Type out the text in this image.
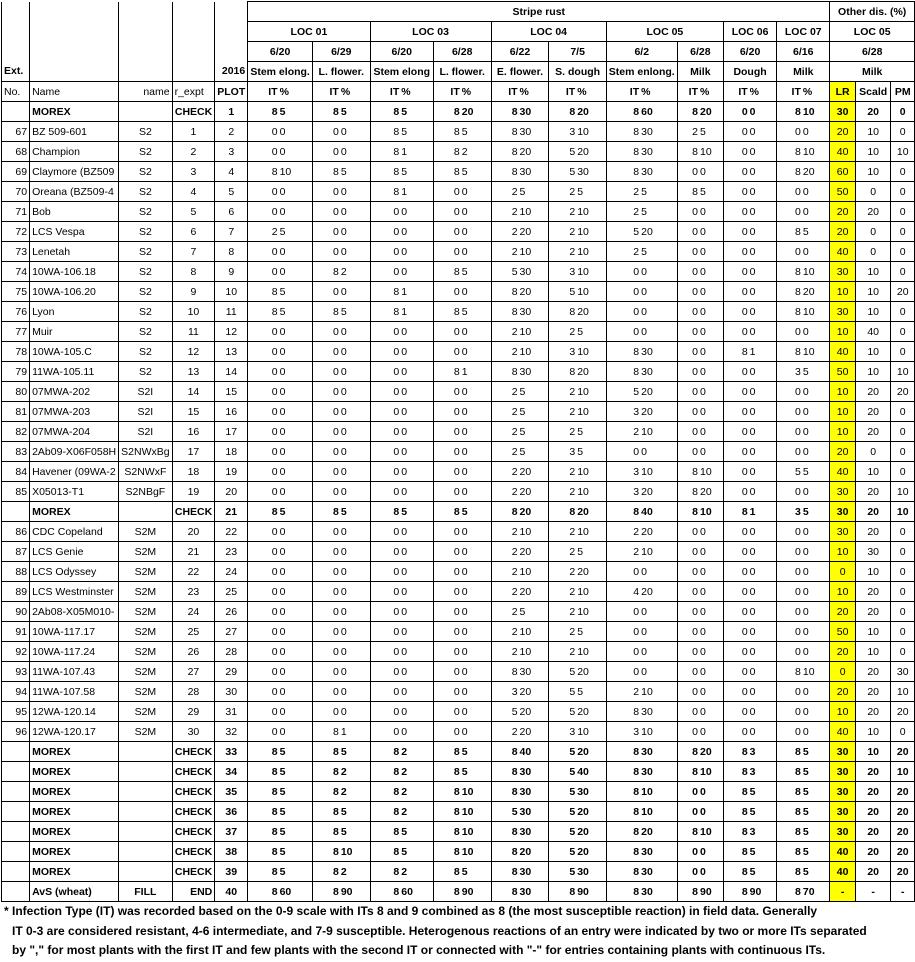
					Stripe rust																				Other dis. (%)		
					LOC 01				LOC 03				LOC 04				LOC 05				LOC 06		LOC 07		LOC 05		
					6/20		6/29		6/20		6/28		6/22		7/5		6/2		6/28		6/20		6/16		6/28		
Ext.				2016	Stem elong.		L. flower.		Stem elong		L. flower.		E. flower.		S. dough		Stem enlong.		Milk		Dough		Milk		Milk		
No.	Name	name	r_expt	PLOT	IT	%	IT	%	IT	%	IT	%	IT	%	IT	%	IT	%	IT	%	IT	%	IT	%	LR	Scald	PM
	MOREX		CHECK	1	8	5	8	5	8	5	8	20	8	30	8	20	8	60	8	20	0	0	8	10	30	20	0
67	BZ 509-601	S2	1	2	0	0	0	0	8	5	8	5	8	30	3	10	8	30	2	5	0	0	0	0	20	10	0
68	Champion	S2	2	3	0	0	0	0	8	1	8	2	8	20	5	20	8	30	8	10	0	0	8	10	40	10	10
69	Claymore (BZ509	S2	3	4	8	10	8	5	8	5	8	5	8	30	5	30	8	30	0	0	0	0	8	20	60	10	0
70	Oreana (BZ509-4	S2	4	5	0	0	0	0	8	1	0	0	2	5	2	5	2	5	8	5	0	0	0	0	50	0	0
71	Bob	S2	5	6	0	0	0	0	0	0	0	0	2	10	2	10	2	5	0	0	0	0	0	0	20	20	0
72	LCS Vespa	S2	6	7	2	5	0	0	0	0	0	0	2	20	2	10	5	20	0	0	0	0	8	5	20	0	0
73	Lenetah	S2	7	8	0	0	0	0	0	0	0	0	2	10	2	10	2	5	0	0	0	0	0	0	40	0	0
74	10WA-106.18	S2	8	9	0	0	8	2	0	0	8	5	5	30	3	10	0	0	0	0	0	0	8	10	30	10	0
75	10WA-106.20	S2	9	10	8	5	0	0	8	1	0	0	8	20	5	10	0	0	0	0	0	0	8	20	10	10	20
76	Lyon	S2	10	11	8	5	8	5	8	1	8	5	8	30	8	20	0	0	0	0	0	0	8	10	30	10	0
77	Muir	S2	11	12	0	0	0	0	0	0	0	0	2	10	2	5	0	0	0	0	0	0	0	0	10	40	0
78	10WA-105.C	S2	12	13	0	0	0	0	0	0	0	0	2	10	3	10	8	30	0	0	8	1	8	10	40	10	0
79	11WA-105.11	S2	13	14	0	0	0	0	0	0	8	1	8	30	8	20	8	30	0	0	0	0	3	5	50	10	10
80	07MWA-202	S2I	14	15	0	0	0	0	0	0	0	0	2	5	2	10	5	20	0	0	0	0	0	0	10	20	20
81	07MWA-203	S2I	15	16	0	0	0	0	0	0	0	0	2	5	2	10	3	20	0	0	0	0	0	0	10	20	0
82	07MWA-204	S2I	16	17	0	0	0	0	0	0	0	0	2	5	2	5	2	10	0	0	0	0	0	0	10	20	0
83	2Ab09-X06F058H	S2NWxBg	17	18	0	0	0	0	0	0	0	0	2	5	3	5	0	0	0	0	0	0	0	0	20	0	0
84	Havener (09WA-2	S2NWxF	18	19	0	0	0	0	0	0	0	0	2	20	2	10	3	10	8	10	0	0	5	5	40	10	0
85	X05013-T1	S2NBgF	19	20	0	0	0	0	0	0	0	0	2	20	2	10	3	20	8	20	0	0	0	0	30	20	10
	MOREX		CHECK	21	8	5	8	5	8	5	8	5	8	20	8	20	8	40	8	10	8	1	3	5	30	20	10
86	CDC Copeland	S2M	20	22	0	0	0	0	0	0	0	0	2	10	2	10	2	20	0	0	0	0	0	0	30	20	0
87	LCS Genie	S2M	21	23	0	0	0	0	0	0	0	0	2	20	2	5	2	10	0	0	0	0	0	0	10	30	0
88	LCS Odyssey	S2M	22	24	0	0	0	0	0	0	0	0	2	10	2	20	0	0	0	0	0	0	0	0	0	10	0
89	LCS Westminster	S2M	23	25	0	0	0	0	0	0	0	0	2	20	2	10	4	20	0	0	0	0	0	0	10	20	0
90	2Ab08-X05M010-	S2M	24	26	0	0	0	0	0	0	0	0	2	5	2	10	0	0	0	0	0	0	0	0	20	20	0
91	10WA-117.17	S2M	25	27	0	0	0	0	0	0	0	0	2	10	2	5	0	0	0	0	0	0	0	0	50	10	0
92	10WA-117.24	S2M	26	28	0	0	0	0	0	0	0	0	2	10	2	10	0	0	0	0	0	0	0	0	20	10	0
93	11WA-107.43	S2M	27	29	0	0	0	0	0	0	0	0	8	30	5	20	0	0	0	0	0	0	8	10	0	20	30
94	11WA-107.58	S2M	28	30	0	0	0	0	0	0	0	0	3	20	5	5	2	10	0	0	0	0	0	0	20	20	10
95	12WA-120.14	S2M	29	31	0	0	0	0	0	0	0	0	5	20	5	20	8	30	0	0	0	0	0	0	10	20	20
96	12WA-120.17	S2M	30	32	0	0	8	1	0	0	0	0	2	20	3	10	3	10	0	0	0	0	0	0	40	10	0
	MOREX		CHECK	33	8	5	8	5	8	2	8	5	8	40	5	20	8	30	8	20	8	3	8	5	30	10	20
	MOREX		CHECK	34	8	5	8	2	8	2	8	5	8	30	5	40	8	30	8	10	8	3	8	5	30	20	10
	MOREX		CHECK	35	8	5	8	2	8	2	8	10	8	30	5	30	8	10	0	0	8	5	8	5	30	20	20
	MOREX		CHECK	36	8	5	8	5	8	2	8	10	5	30	5	20	8	10	0	0	8	5	8	5	30	20	20
	MOREX		CHECK	37	8	5	8	5	8	5	8	10	8	30	5	20	8	20	8	10	8	3	8	5	30	20	20
	MOREX		CHECK	38	8	5	8	10	8	5	8	10	8	20	5	20	8	30	0	0	8	5	8	5	40	20	20
	MOREX		CHECK	39	8	5	8	2	8	2	8	5	8	30	5	30	8	30	0	0	8	5	8	5	40	20	20
	AvS (wheat)	FILL	END	40	8	60	8	90	8	60	8	90	8	30	8	90	8	30	8	90	8	90	8	70	-	-	-
* Infection Type (IT) was recorded based on the 0-9 scale with ITs 8 and 9 combined as 8 (the most susceptible reaction) in field data. Generally
IT 0-3 are considered resistant, 4-6 intermediate, and 7-9 susceptible. Heterogenous reactions of an entry were indicated by two or more ITs separated
by "," for most plants with the first IT and few plants with the second IT or connected with "-" for entries containing plants with continuous ITs.
